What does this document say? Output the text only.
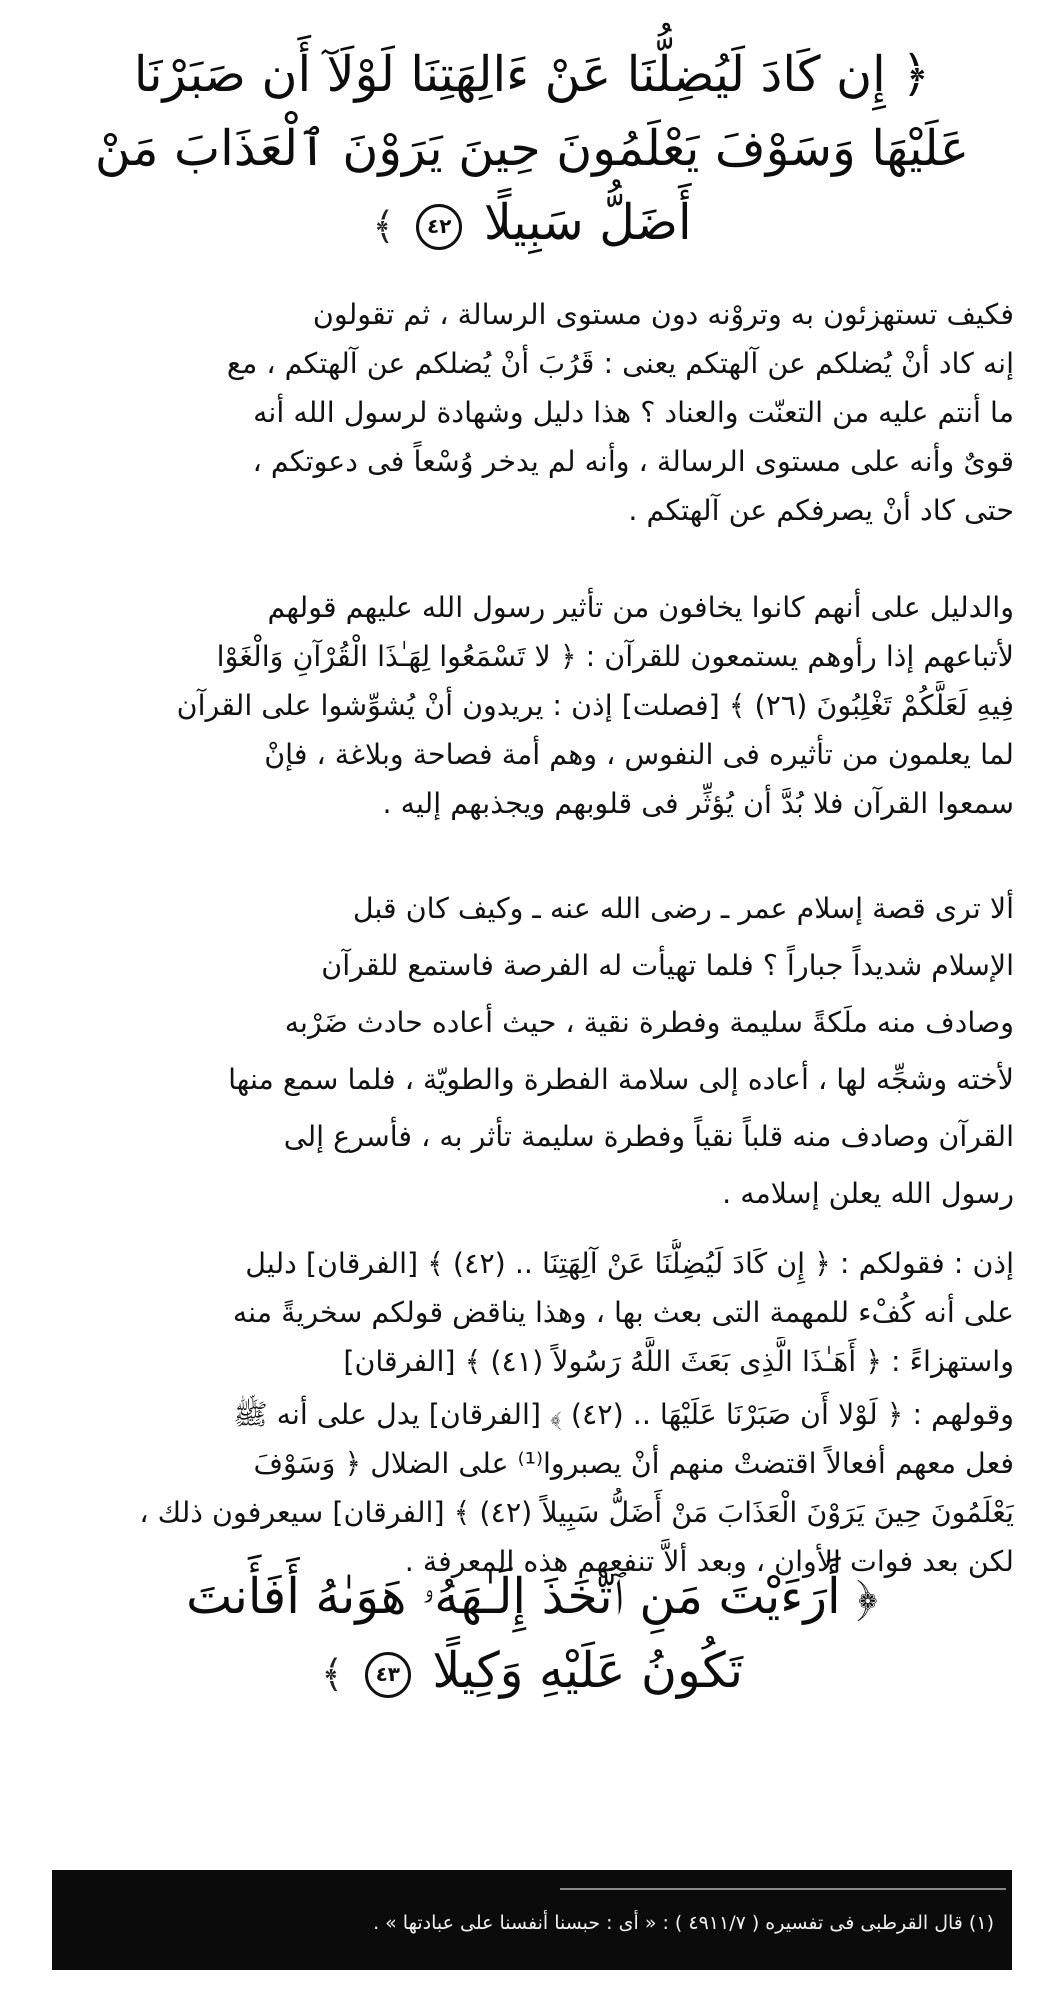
﴿ إِن كَادَ لَيُضِلُّنَا عَنْ ءَالِهَتِنَا لَوْلَآ أَن صَبَرْنَا
عَلَيْهَا وَسَوْفَ يَعْلَمُونَ حِينَ يَرَوْنَ ٱلْعَذَابَ مَنْ
أَضَلُّ سَبِيلًا ٤٢ ﴾
فكيف تستهزئون به وتروْنه دون مستوى الرسالة ، ثم تقولون
إنه كاد أنْ يُضلكم عن آلهتكم يعنى : قَرُبَ أنْ يُضلكم عن آلهتكم ، مع
ما أنتم عليه من التعنّت والعناد ؟ هذا دليل وشهادة لرسول الله أنه
قوىٌ وأنه على مستوى الرسالة ، وأنه لم يدخر وُسْعاً فى دعوتكم ،
حتى كاد أنْ يصرفكم عن آلهتكم .
والدليل على أنهم كانوا يخافون من تأثير رسول الله عليهم قولهم
لأتباعهم إذا رأوهم يستمعون للقرآن : ﴿ لا تَسْمَعُوا لِهَـٰذَا الْقُرْآنِ وَالْغَوْا
فِيهِ لَعَلَّكُمْ تَغْلِبُونَ (٢٦) ﴾ [فصلت] إذن : يريدون أنْ يُشوِّشوا على القرآن
لما يعلمون من تأثيره فى النفوس ، وهم أمة فصاحة وبلاغة ، فإنْ
سمعوا القرآن فلا بُدَّ أن يُؤثِّر فى قلوبهم ويجذبهم إليه .
ألا ترى قصة إسلام عمر ـ رضى الله عنه ـ وكيف كان قبل
الإسلام شديداً جباراً ؟ فلما تهيأت له الفرصة فاستمع للقرآن
وصادف منه ملَكةً سليمة وفطرة نقية ، حيث أعاده حادث ضَرْبه
لأخته وشجِّه لها ، أعاده إلى سلامة الفطرة والطويّة ، فلما سمع منها
القرآن وصادف منه قلباً نقياً وفطرة سليمة تأثر به ، فأسرع إلى
رسول الله يعلن إسلامه .
إذن : فقولكم : ﴿ إِن كَادَ لَيُضِلُّنَا عَنْ آلِهَتِنَا .. (٤٢) ﴾ [الفرقان] دليل
على أنه كُفْء للمهمة التى بعث بها ، وهذا يناقض قولكم سخريةً منه
واستهزاءً : ﴿ أَهَـٰذَا الَّذِى بَعَثَ اللَّهُ رَسُولاً (٤١) ﴾ [الفرقان]
وقولهم : ﴿ لَوْلا أَن صَبَرْنَا عَلَيْهَا .. (٤٢) ﴾ [الفرقان] يدل على أنه ﷺ
فعل معهم أفعالاً اقتضتْ منهم أنْ يصبروا⁽¹⁾ على الضلال ﴿ وَسَوْفَ
يَعْلَمُونَ حِينَ يَرَوْنَ الْعَذَابَ مَنْ أَضَلُّ سَبِيلاً (٤٢) ﴾ [الفرقان] سيعرفون ذلك ،
لكن بعد فوات الأوان ، وبعد ألاَّ تنفعهم هذه المعرفة .
﴿ أَرَءَيْتَ مَنِ ٱتَّخَذَ إِلَـٰهَهُۥ هَوَىٰهُ أَفَأَنتَ
تَكُونُ عَلَيْهِ وَكِيلًا ٤٣ ﴾
(١) قال القرطبى فى تفسيره ( ٤٩١١/٧ ) : « أى : حبسنا أنفسنا على عبادتها » .
